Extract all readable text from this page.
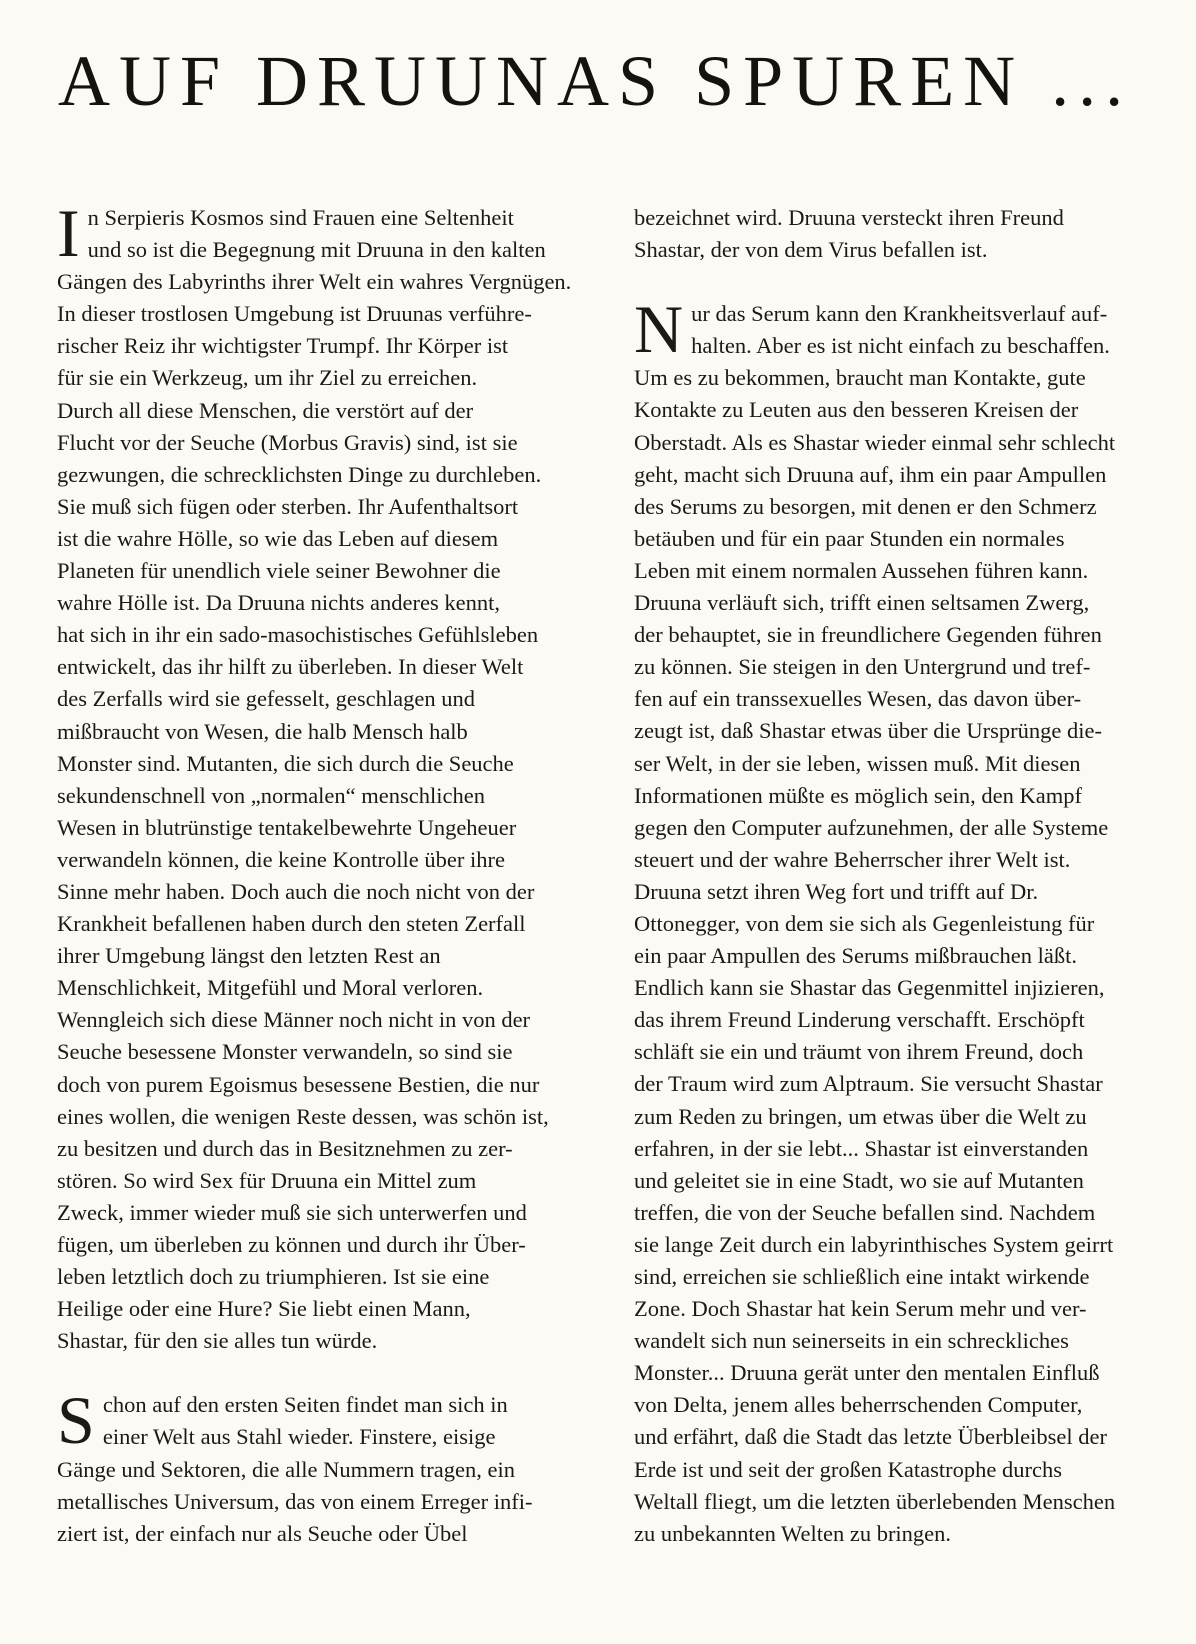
AUF DRUUNAS SPUREN ...
I n Serpieris Kosmos sind Frauen eine Seltenheit
und so ist die Begegnung mit Druuna in den kalten
Gängen des Labyrinths ihrer Welt ein wahres Vergnügen.
In dieser trostlosen Umgebung ist Druunas verführe-
rischer Reiz ihr wichtigster Trumpf. Ihr Körper ist
für sie ein Werkzeug, um ihr Ziel zu erreichen.
Durch all diese Menschen, die verstört auf der
Flucht vor der Seuche (Morbus Gravis) sind, ist sie
gezwungen, die schrecklichsten Dinge zu durchleben.
Sie muß sich fügen oder sterben. Ihr Aufenthaltsort
ist die wahre Hölle, so wie das Leben auf diesem
Planeten für unendlich viele seiner Bewohner die
wahre Hölle ist. Da Druuna nichts anderes kennt,
hat sich in ihr ein sado-masochistisches Gefühlsleben
entwickelt, das ihr hilft zu überleben. In dieser Welt
des Zerfalls wird sie gefesselt, geschlagen und
mißbraucht von Wesen, die halb Mensch halb
Monster sind. Mutanten, die sich durch die Seuche
sekundenschnell von „normalen“ menschlichen
Wesen in blutrünstige tentakelbewehrte Ungeheuer
verwandeln können, die keine Kontrolle über ihre
Sinne mehr haben. Doch auch die noch nicht von der
Krankheit befallenen haben durch den steten Zerfall
ihrer Umgebung längst den letzten Rest an
Menschlichkeit, Mitgefühl und Moral verloren.
Wenngleich sich diese Männer noch nicht in von der
Seuche besessene Monster verwandeln, so sind sie
doch von purem Egoismus besessene Bestien, die nur
eines wollen, die wenigen Reste dessen, was schön ist,
zu besitzen und durch das in Besitznehmen zu zer-
stören. So wird Sex für Druuna ein Mittel zum
Zweck, immer wieder muß sie sich unterwerfen und
fügen, um überleben zu können und durch ihr Über-
leben letztlich doch zu triumphieren. Ist sie eine
Heilige oder eine Hure? Sie liebt einen Mann,
Shastar, für den sie alles tun würde.
S chon auf den ersten Seiten findet man sich in
einer Welt aus Stahl wieder. Finstere, eisige
Gänge und Sektoren, die alle Nummern tragen, ein
metallisches Universum, das von einem Erreger infi-
ziert ist, der einfach nur als Seuche oder Übel
bezeichnet wird. Druuna versteckt ihren Freund
Shastar, der von dem Virus befallen ist.
N ur das Serum kann den Krankheitsverlauf auf-
halten. Aber es ist nicht einfach zu beschaffen.
Um es zu bekommen, braucht man Kontakte, gute
Kontakte zu Leuten aus den besseren Kreisen der
Oberstadt. Als es Shastar wieder einmal sehr schlecht
geht, macht sich Druuna auf, ihm ein paar Ampullen
des Serums zu besorgen, mit denen er den Schmerz
betäuben und für ein paar Stunden ein normales
Leben mit einem normalen Aussehen führen kann.
Druuna verläuft sich, trifft einen seltsamen Zwerg,
der behauptet, sie in freundlichere Gegenden führen
zu können. Sie steigen in den Untergrund und tref-
fen auf ein transsexuelles Wesen, das davon über-
zeugt ist, daß Shastar etwas über die Ursprünge die-
ser Welt, in der sie leben, wissen muß. Mit diesen
Informationen müßte es möglich sein, den Kampf
gegen den Computer aufzunehmen, der alle Systeme
steuert und der wahre Beherrscher ihrer Welt ist.
Druuna setzt ihren Weg fort und trifft auf Dr.
Ottonegger, von dem sie sich als Gegenleistung für
ein paar Ampullen des Serums mißbrauchen läßt.
Endlich kann sie Shastar das Gegenmittel injizieren,
das ihrem Freund Linderung verschafft. Erschöpft
schläft sie ein und träumt von ihrem Freund, doch
der Traum wird zum Alptraum. Sie versucht Shastar
zum Reden zu bringen, um etwas über die Welt zu
erfahren, in der sie lebt... Shastar ist einverstanden
und geleitet sie in eine Stadt, wo sie auf Mutanten
treffen, die von der Seuche befallen sind. Nachdem
sie lange Zeit durch ein labyrinthisches System geirrt
sind, erreichen sie schließlich eine intakt wirkende
Zone. Doch Shastar hat kein Serum mehr und ver-
wandelt sich nun seinerseits in ein schreckliches
Monster... Druuna gerät unter den mentalen Einfluß
von Delta, jenem alles beherrschenden Computer,
und erfährt, daß die Stadt das letzte Überbleibsel der
Erde ist und seit der großen Katastrophe durchs
Weltall fliegt, um die letzten überlebenden Menschen
zu unbekannten Welten zu bringen.
